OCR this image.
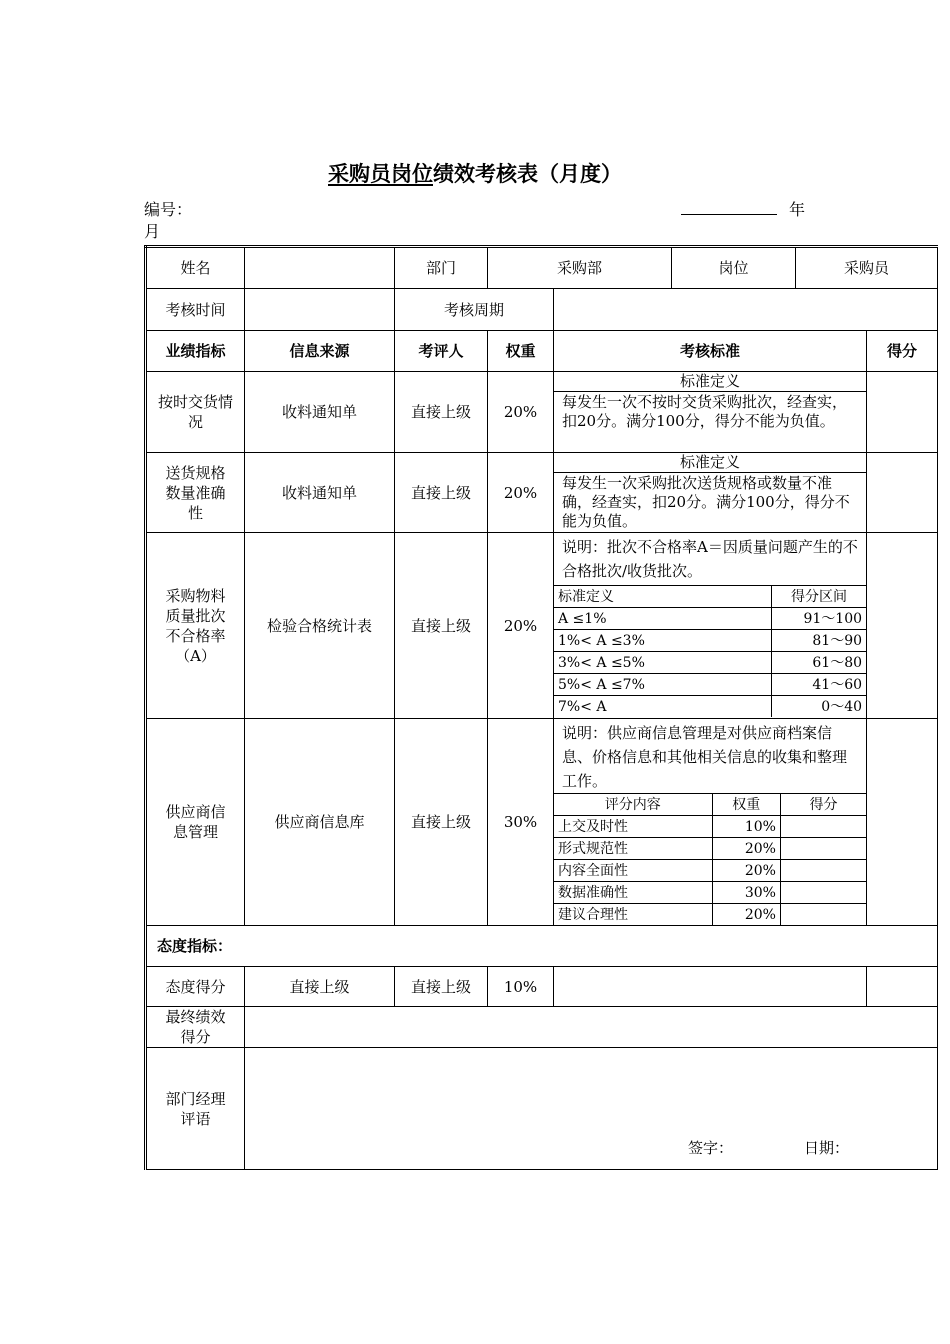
采购员岗位绩效考核表（月度）
编号：	年
月
姓名		部门	采购部	岗位	采购员
考核时间		考核周期	
业绩指标	信息来源	考评人	权重	考核标准	得分
按时交货情况	收料通知单	直接上级	20%	
标准定义
每发生一次不按时交货采购批次，经查实，扣20分。满分100分，得分不能为负值。

送货规格数量准确性	收料通知单	直接上级	20%	
标准定义
每发生一次采购批次送货规格或数量不准确，经查实，扣20分。满分100分，得分不能为负值。

采购物料质量批次不合格率（A）	检验合格统计表	直接上级	20%	
说明：批次不合格率A＝因质量问题产生的不合格批次/收货批次。
标准定义	得分区间
A ≤1%	91～100
1%< A ≤3%	81～90
3%< A ≤5%	61～80
5%< A ≤7%	41～60
7%< A	0～40

供应商信息管理	供应商信息库	直接上级	30%	
说明：供应商信息管理是对供应商档案信息、价格信息和其他相关信息的收集和整理工作。
评分内容	权重	得分
上交及时性	10%	
形式规范性	20%	
内容全面性	20%	
数据准确性	30%	
建议合理性	20%	

态度指标：
态度得分	直接上级	直接上级	10%		
最终绩效得分	
部门经理评语	
签字：	日期：
